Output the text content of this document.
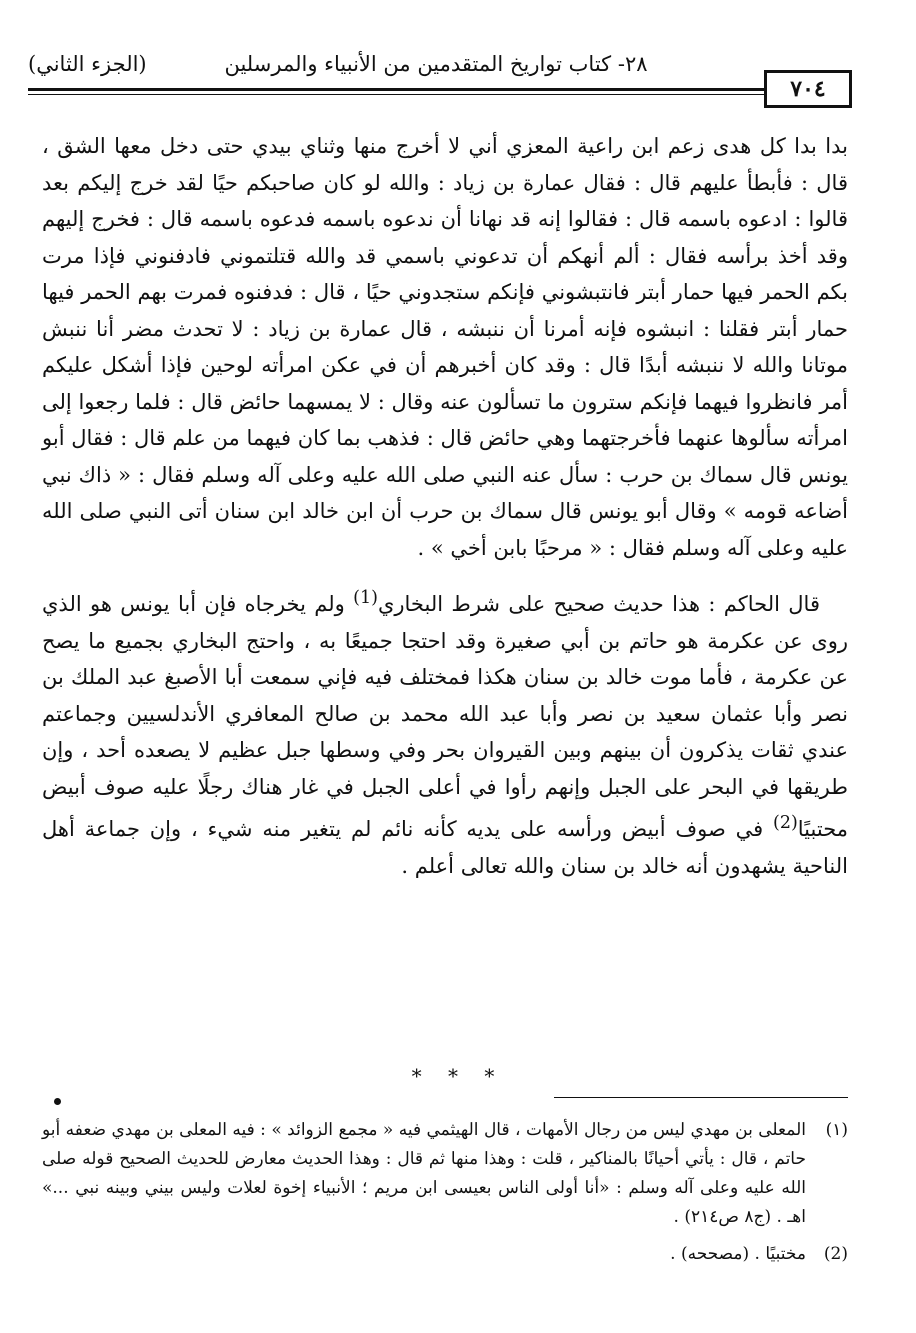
٢٨- كتاب تواريخ المتقدمين من الأنبياء والمرسلين
(الجزء الثاني)
٧٠٤

بدا بدا كل هدى زعم ابن راعية المعزي أني لا أخرج منها وثناي بيدي حتى دخل معها الشق ، قال : فأبطأ عليهم قال : فقال عمارة بن زياد : والله لو كان صاحبكم حيًا لقد خرج إليكم بعد قالوا : ادعوه باسمه قال : فقالوا إنه قد نهانا أن ندعوه باسمه فدعوه باسمه قال : فخرج إليهم وقد أخذ برأسه فقال : ألم أنهكم أن تدعوني باسمي قد والله قتلتموني فادفنوني فإذا مرت بكم الحمر فيها حمار أبتر فانتبشوني فإنكم ستجدوني حيًا ، قال : فدفنوه فمرت بهم الحمر فيها حمار أبتر فقلنا : انبشوه فإنه أمرنا أن ننبشه ، قال عمارة بن زياد : لا تحدث مضر أنا ننبش موتانا والله لا ننبشه أبدًا قال : وقد كان أخبرهم أن في عكن امرأته لوحين فإذا أشكل عليكم أمر فانظروا فيهما فإنكم سترون ما تسألون عنه وقال : لا يمسهما حائض قال : فلما رجعوا إلى امرأته سألوها عنهما فأخرجتهما وهي حائض قال : فذهب بما كان فيهما من علم قال : فقال أبو يونس قال سماك بن حرب : سأل عنه النبي صلى الله عليه وعلى آله وسلم فقال : « ذاك نبي أضاعه قومه » وقال أبو يونس قال سماك بن حرب أن ابن خالد ابن سنان أتى النبي صلى الله عليه وعلى آله وسلم فقال : « مرحبًا بابن أخي » .

قال الحاكم : هذا حديث صحيح على شرط البخاري$^{(1)}$ ولم يخرجاه فإن أبا يونس هو الذي روى عن عكرمة هو حاتم بن أبي صغيرة وقد احتجا جميعًا به ، واحتج البخاري بجميع ما يصح عن عكرمة ، فأما موت خالد بن سنان هكذا فمختلف فيه فإني سمعت أبا الأصبغ عبد الملك بن نصر وأبا عثمان سعيد بن نصر وأبا عبد الله محمد بن صالح المعافري الأندلسيين وجماعتم عندي ثقات يذكرون أن بينهم وبين القيروان بحر وفي وسطها جبل عظيم لا يصعده أحد ، وإن طريقها في البحر على الجبل وإنهم رأوا في أعلى الجبل في غار هناك رجلًا عليه صوف أبيض محتبيًا$^{(2)}$ في صوف أبيض ورأسه على يديه كأنه نائم لم يتغير منه شيء ، وإن جماعة أهل الناحية يشهدون أنه خالد بن سنان والله تعالى أعلم .

* * *
(١)
المعلى بن مهدي ليس من رجال الأمهات ، قال الهيثمي فيه « مجمع الزوائد » : فيه المعلى بن مهدي ضعفه أبو حاتم ، قال : يأتي أحيانًا بالمناكير ، قلت : وهذا منها ثم قال : وهذا الحديث معارض للحديث الصحيح قوله صلى الله عليه وعلى آله وسلم : «أنا أولى الناس بعيسى ابن مريم ؛ الأنبياء إخوة لعلات وليس بيني وبينه نبي ...» اهـ . (ج٨ ص٢١٤) .
(2)
مختبيًا . (مصححه) .
